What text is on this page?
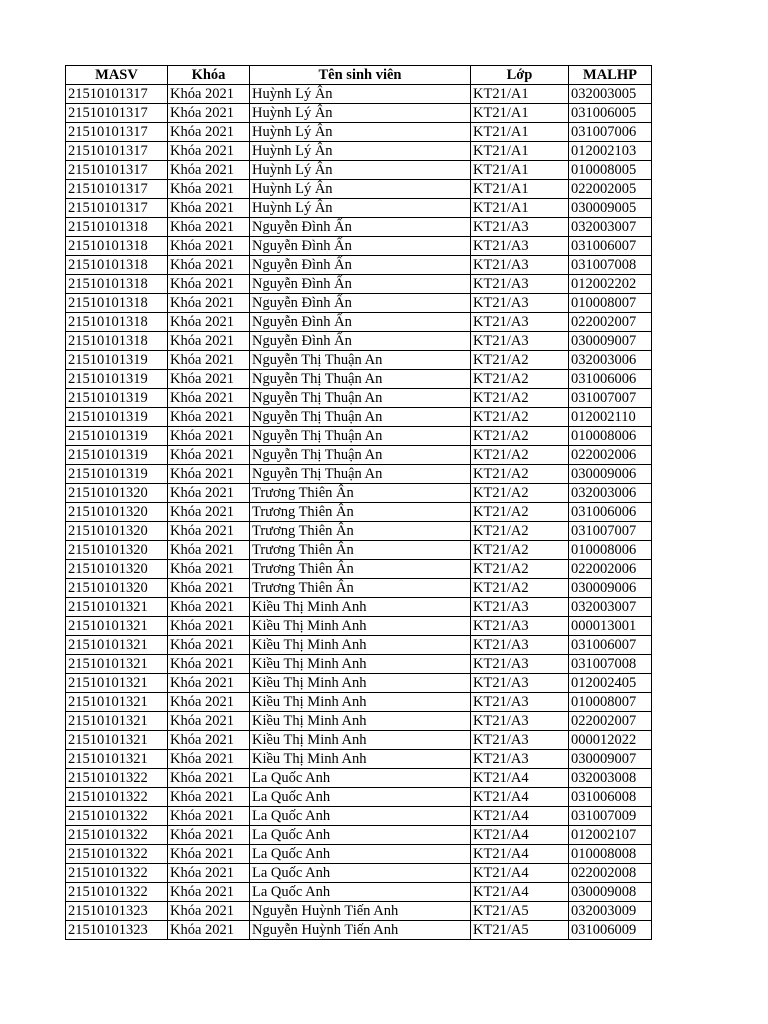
MASV	Khóa	Tên sinh viên	Lớp	MALHP
21510101317	Khóa 2021	Huỳnh Lý Ân	KT21/A1	032003005
21510101317	Khóa 2021	Huỳnh Lý Ân	KT21/A1	031006005
21510101317	Khóa 2021	Huỳnh Lý Ân	KT21/A1	031007006
21510101317	Khóa 2021	Huỳnh Lý Ân	KT21/A1	012002103
21510101317	Khóa 2021	Huỳnh Lý Ân	KT21/A1	010008005
21510101317	Khóa 2021	Huỳnh Lý Ân	KT21/A1	022002005
21510101317	Khóa 2021	Huỳnh Lý Ân	KT21/A1	030009005
21510101318	Khóa 2021	Nguyễn Đình Ấn	KT21/A3	032003007
21510101318	Khóa 2021	Nguyễn Đình Ấn	KT21/A3	031006007
21510101318	Khóa 2021	Nguyễn Đình Ấn	KT21/A3	031007008
21510101318	Khóa 2021	Nguyễn Đình Ấn	KT21/A3	012002202
21510101318	Khóa 2021	Nguyễn Đình Ấn	KT21/A3	010008007
21510101318	Khóa 2021	Nguyễn Đình Ấn	KT21/A3	022002007
21510101318	Khóa 2021	Nguyễn Đình Ấn	KT21/A3	030009007
21510101319	Khóa 2021	Nguyễn Thị Thuận An	KT21/A2	032003006
21510101319	Khóa 2021	Nguyễn Thị Thuận An	KT21/A2	031006006
21510101319	Khóa 2021	Nguyễn Thị Thuận An	KT21/A2	031007007
21510101319	Khóa 2021	Nguyễn Thị Thuận An	KT21/A2	012002110
21510101319	Khóa 2021	Nguyễn Thị Thuận An	KT21/A2	010008006
21510101319	Khóa 2021	Nguyễn Thị Thuận An	KT21/A2	022002006
21510101319	Khóa 2021	Nguyễn Thị Thuận An	KT21/A2	030009006
21510101320	Khóa 2021	Trương Thiên Ân	KT21/A2	032003006
21510101320	Khóa 2021	Trương Thiên Ân	KT21/A2	031006006
21510101320	Khóa 2021	Trương Thiên Ân	KT21/A2	031007007
21510101320	Khóa 2021	Trương Thiên Ân	KT21/A2	010008006
21510101320	Khóa 2021	Trương Thiên Ân	KT21/A2	022002006
21510101320	Khóa 2021	Trương Thiên Ân	KT21/A2	030009006
21510101321	Khóa 2021	Kiều Thị Minh Anh	KT21/A3	032003007
21510101321	Khóa 2021	Kiều Thị Minh Anh	KT21/A3	000013001
21510101321	Khóa 2021	Kiều Thị Minh Anh	KT21/A3	031006007
21510101321	Khóa 2021	Kiều Thị Minh Anh	KT21/A3	031007008
21510101321	Khóa 2021	Kiều Thị Minh Anh	KT21/A3	012002405
21510101321	Khóa 2021	Kiều Thị Minh Anh	KT21/A3	010008007
21510101321	Khóa 2021	Kiều Thị Minh Anh	KT21/A3	022002007
21510101321	Khóa 2021	Kiều Thị Minh Anh	KT21/A3	000012022
21510101321	Khóa 2021	Kiều Thị Minh Anh	KT21/A3	030009007
21510101322	Khóa 2021	La Quốc Anh	KT21/A4	032003008
21510101322	Khóa 2021	La Quốc Anh	KT21/A4	031006008
21510101322	Khóa 2021	La Quốc Anh	KT21/A4	031007009
21510101322	Khóa 2021	La Quốc Anh	KT21/A4	012002107
21510101322	Khóa 2021	La Quốc Anh	KT21/A4	010008008
21510101322	Khóa 2021	La Quốc Anh	KT21/A4	022002008
21510101322	Khóa 2021	La Quốc Anh	KT21/A4	030009008
21510101323	Khóa 2021	Nguyễn Huỳnh Tiến Anh	KT21/A5	032003009
21510101323	Khóa 2021	Nguyễn Huỳnh Tiến Anh	KT21/A5	031006009
